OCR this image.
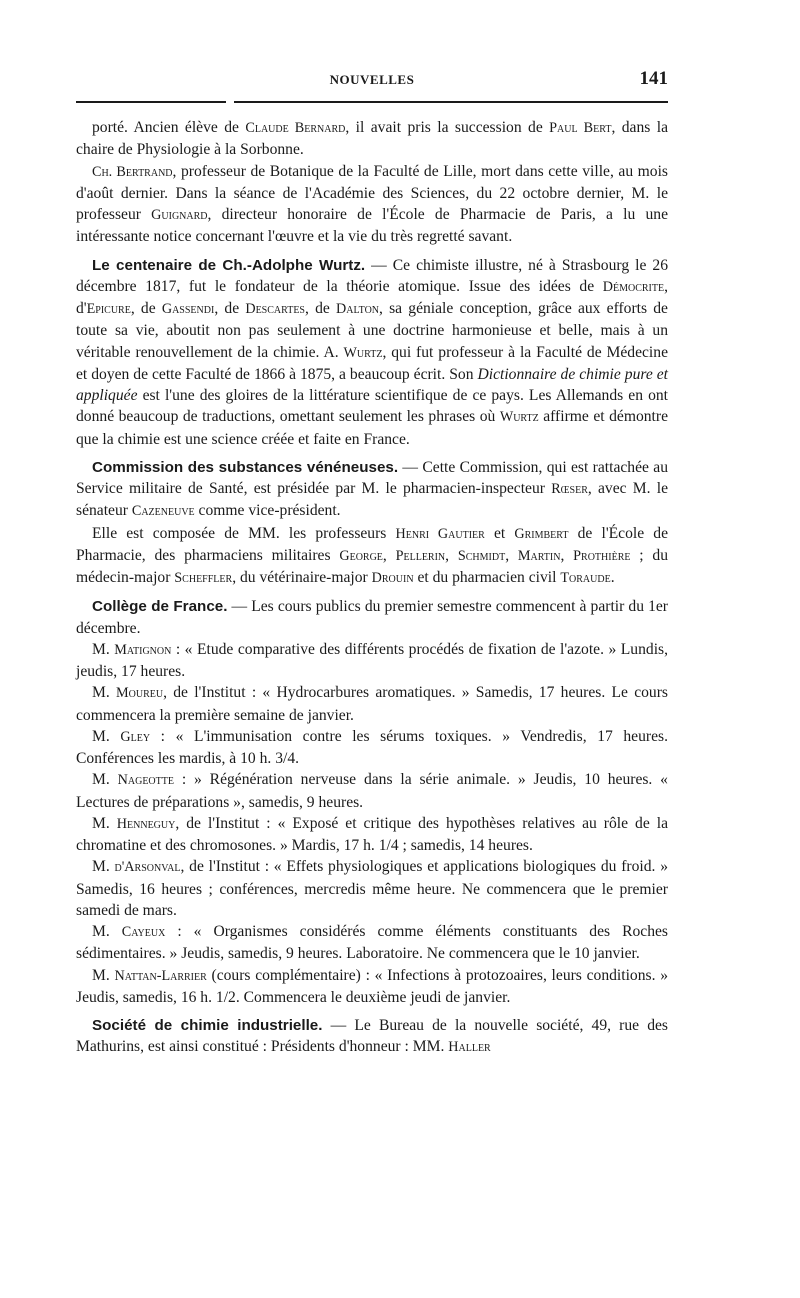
NOUVELLES	141

porté. Ancien élève de Claude Bernard, il avait pris la succession de Paul Bert, dans la chaire de Physiologie à la Sorbonne.

Ch. Bertrand, professeur de Botanique de la Faculté de Lille, mort dans cette ville, au mois d'août dernier. Dans la séance de l'Académie des Sciences, du 22 octobre dernier, M. le professeur Guignard, directeur honoraire de l'École de Pharmacie de Paris, a lu une intéressante notice concernant l'œuvre et la vie du très regretté savant.

Le centenaire de Ch.-Adolphe Wurtz. — Ce chimiste illustre, né à Strasbourg le 26 décembre 1817, fut le fondateur de la théorie atomique. Issue des idées de Démocrite, d'Epicure, de Gassendi, de Descartes, de Dalton, sa géniale conception, grâce aux efforts de toute sa vie, aboutit non pas seulement à une doctrine harmonieuse et belle, mais à un véritable renouvellement de la chimie. A. Wurtz, qui fut professeur à la Faculté de Médecine et doyen de cette Faculté de 1866 à 1875, a beaucoup écrit. Son Dictionnaire de chimie pure et appliquée est l'une des gloires de la littérature scientifique de ce pays. Les Allemands en ont donné beaucoup de traductions, omettant seulement les phrases où Wurtz affirme et démontre que la chimie est une science créée et faite en France.

Commission des substances vénéneuses. — Cette Commission, qui est rattachée au Service militaire de Santé, est présidée par M. le pharmacien-inspecteur Rœser, avec M. le sénateur Cazeneuve comme vice-président.

Elle est composée de MM. les professeurs Henri Gautier et Grimbert de l'École de Pharmacie, des pharmaciens militaires George, Pellerin, Schmidt, Martin, Prothière ; du médecin-major Scheffler, du vétérinaire-major Drouin et du pharmacien civil Toraude.

Collège de France. — Les cours publics du premier semestre commencent à partir du 1er décembre.

M. Matignon : « Etude comparative des différents procédés de fixation de l'azote. » Lundis, jeudis, 17 heures.

M. Moureu, de l'Institut : « Hydrocarbures aromatiques. » Samedis, 17 heures. Le cours commencera la première semaine de janvier.

M. Gley : « L'immunisation contre les sérums toxiques. » Vendredis, 17 heures. Conférences les mardis, à 10 h. 3/4.

M. Nageotte : » Régénération nerveuse dans la série animale. » Jeudis, 10 heures. « Lectures de préparations », samedis, 9 heures.

M. Henneguy, de l'Institut : « Exposé et critique des hypothèses relatives au rôle de la chromatine et des chromosones. » Mardis, 17 h. 1/4 ; samedis, 14 heures.

M. d'Arsonval, de l'Institut : « Effets physiologiques et applications biologiques du froid. » Samedis, 16 heures ; conférences, mercredis même heure. Ne commencera que le premier samedi de mars.

M. Cayeux : « Organismes considérés comme éléments constituants des Roches sédimentaires. » Jeudis, samedis, 9 heures. Laboratoire. Ne commencera que le 10 janvier.

M. Nattan-Larrier (cours complémentaire) : « Infections à protozoaires, leurs conditions. » Jeudis, samedis, 16 h. 1/2. Commencera le deuxième jeudi de janvier.

Société de chimie industrielle. — Le Bureau de la nouvelle société, 49, rue des Mathurins, est ainsi constitué : Présidents d'honneur : MM. Haller
